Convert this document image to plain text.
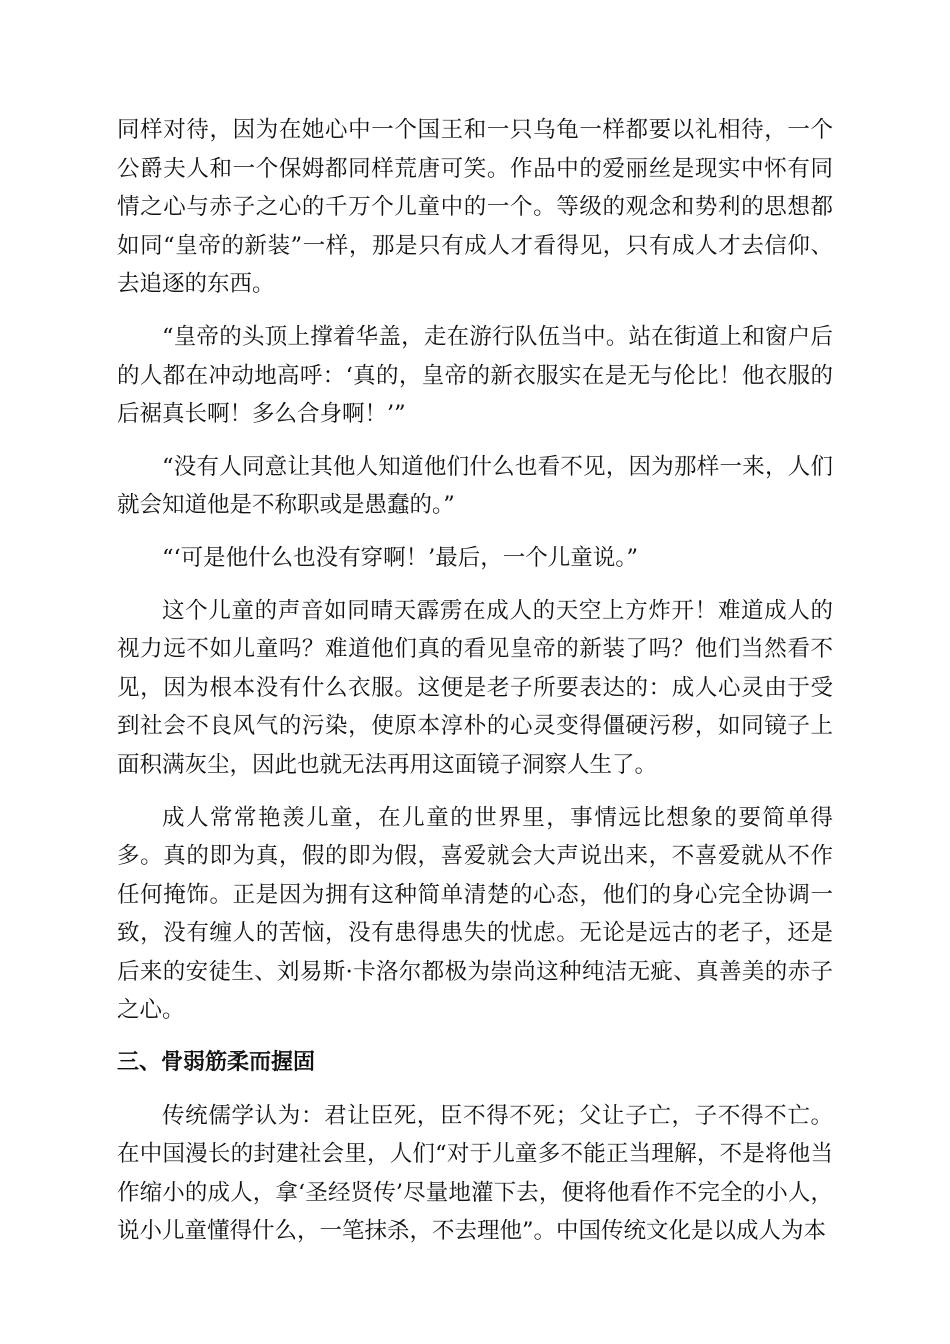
同样对待，因为在她心中一个国王和一只乌龟一样都要以礼相待，一个公爵夫人和一个保姆都同样荒唐可笑。作品中的爱丽丝是现实中怀有同情之心与赤子之心的千万个儿童中的一个。等级的观念和势利的思想都如同“皇帝的新装”一样，那是只有成人才看得见，只有成人才去信仰、去追逐的东西。

“皇帝的头顶上撑着华盖，走在游行队伍当中。站在街道上和窗户后的人都在冲动地高呼：‘真的，皇帝的新衣服实在是无与伦比！他衣服的后裾真长啊！多么合身啊！’”

“没有人同意让其他人知道他们什么也看不见，因为那样一来，人们就会知道他是不称职或是愚蠢的。”

“‘可是他什么也没有穿啊！’最后，一个儿童说。”

这个儿童的声音如同晴天霹雳在成人的天空上方炸开！难道成人的视力远不如儿童吗？难道他们真的看见皇帝的新装了吗？他们当然看不见，因为根本没有什么衣服。这便是老子所要表达的：成人心灵由于受到社会不良风气的污染，使原本淳朴的心灵变得僵硬污秽，如同镜子上面积满灰尘，因此也就无法再用这面镜子洞察人生了。

成人常常艳羡儿童，在儿童的世界里，事情远比想象的要简单得多。真的即为真，假的即为假，喜爱就会大声说出来，不喜爱就从不作任何掩饰。正是因为拥有这种简单清楚的心态，他们的身心完全协调一致，没有缠人的苦恼，没有患得患失的忧虑。无论是远古的老子，还是后来的安徒生、刘易斯·卡洛尔都极为崇尚这种纯洁无疵、真善美的赤子之心。

三、骨弱筋柔而握固

传统儒学认为：君让臣死，臣不得不死；父让子亡，子不得不亡。在中国漫长的封建社会里，人们“对于儿童多不能正当理解，不是将他当作缩小的成人，拿‘圣经贤传’尽量地灌下去，便将他看作不完全的小人，说小儿童懂得什么，一笔抹杀，不去理他”。中国传统文化是以成人为本
